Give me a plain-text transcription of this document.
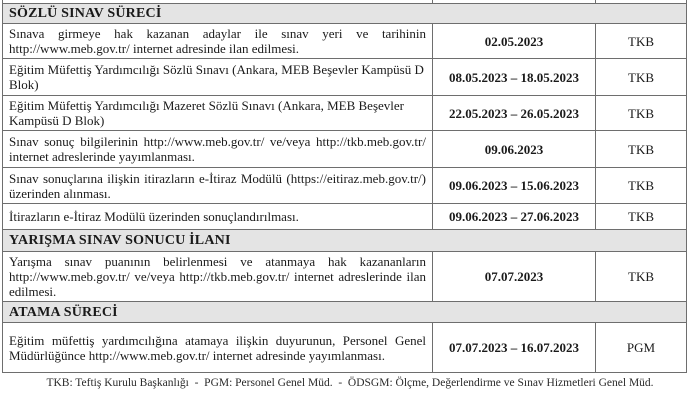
SÖZLÜ SINAV SÜRECİ		
Sınava girmeye hak kazanan adaylar ile sınav yeri ve tarihinin http://www.meb.gov.tr/ internet adresinde ilan edilmesi.	02.05.2023	TKB
Eğitim Müfettiş Yardımcılığı Sözlü Sınavı (Ankara, MEB Beşevler Kampüsü D Blok)	08.05.2023 – 18.05.2023	TKB
Eğitim Müfettiş Yardımcılığı Mazeret Sözlü Sınavı (Ankara, MEB Beşevler Kampüsü D Blok)	22.05.2023 – 26.05.2023	TKB
Sınav sonuç bilgilerinin http://www.meb.gov.tr/ ve/veya http://tkb.meb.gov.tr/ internet adreslerinde yayımlanması.	09.06.2023	TKB
Sınav sonuçlarına ilişkin itirazların e-İtiraz Modülü (https://eitiraz.meb.gov.tr/) üzerinden alınması.	09.06.2023 – 15.06.2023	TKB
İtirazların e-İtiraz Modülü üzerinden sonuçlandırılması.	09.06.2023 – 27.06.2023	TKB
YARIŞMA SINAV SONUCU İLANI		
Yarışma sınav puanının belirlenmesi ve atanmaya hak kazananların http://www.meb.gov.tr/ ve/veya http://tkb.meb.gov.tr/ internet adreslerinde ilan edilmesi.	07.07.2023	TKB
ATAMA SÜRECİ		
Eğitim müfettiş yardımcılığına atamaya ilişkin duyurunun, Personel Genel Müdürlüğünce http://www.meb.gov.tr/ internet adresinde yayımlanması.	07.07.2023 – 16.07.2023	PGM
TKB: Teftiş Kurulu Başkanlığı  -  PGM: Personel Genel Müd.  -  ÖDSGM: Ölçme, Değerlendirme ve Sınav Hizmetleri Genel Müd.
